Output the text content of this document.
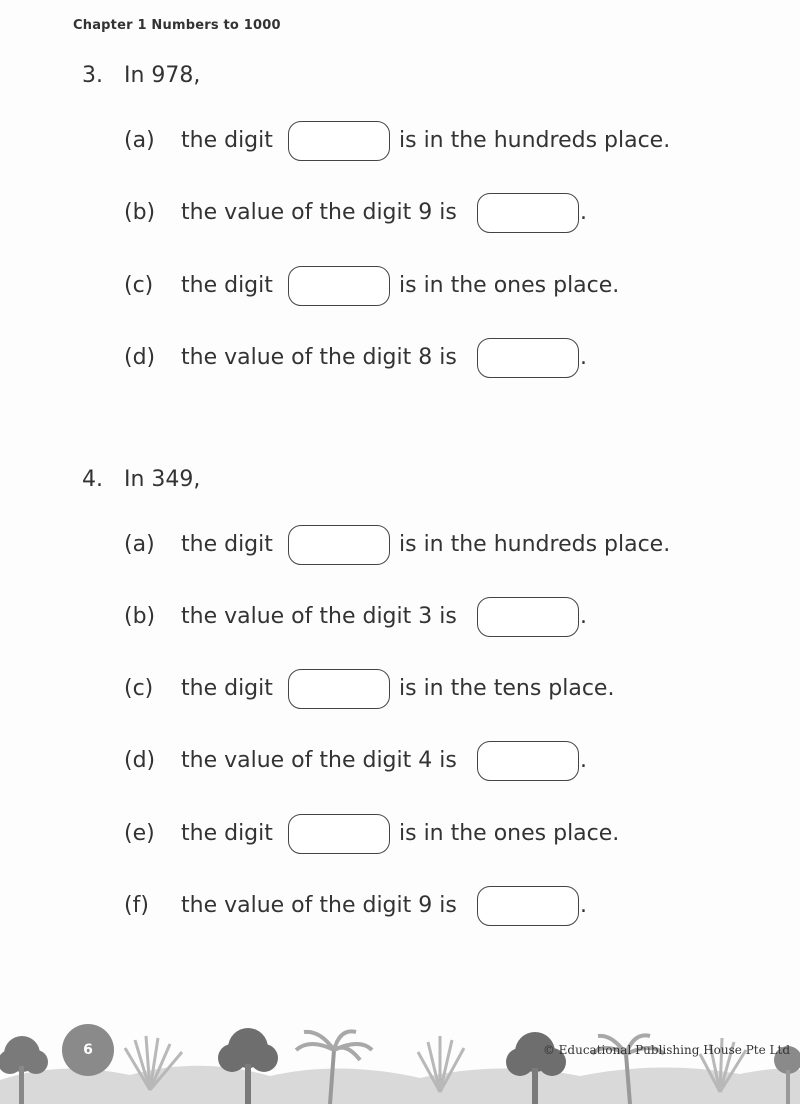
Chapter 1 Numbers to 1000
3. In 978,
(a) the digit	is in the hundreds place.
(b) the value of the digit 9 is	.
(c) the digit	is in the ones place.
(d) the value of the digit 8 is	.
4. In 349,
(a) the digit	is in the hundreds place.
(b) the value of the digit 3 is	.
(c) the digit	is in the tens place.
(d) the value of the digit 4 is	.
(e) the digit	is in the ones place.
(f) the value of the digit 9 is	.
6	© Educational Publishing House Pte Ltd
